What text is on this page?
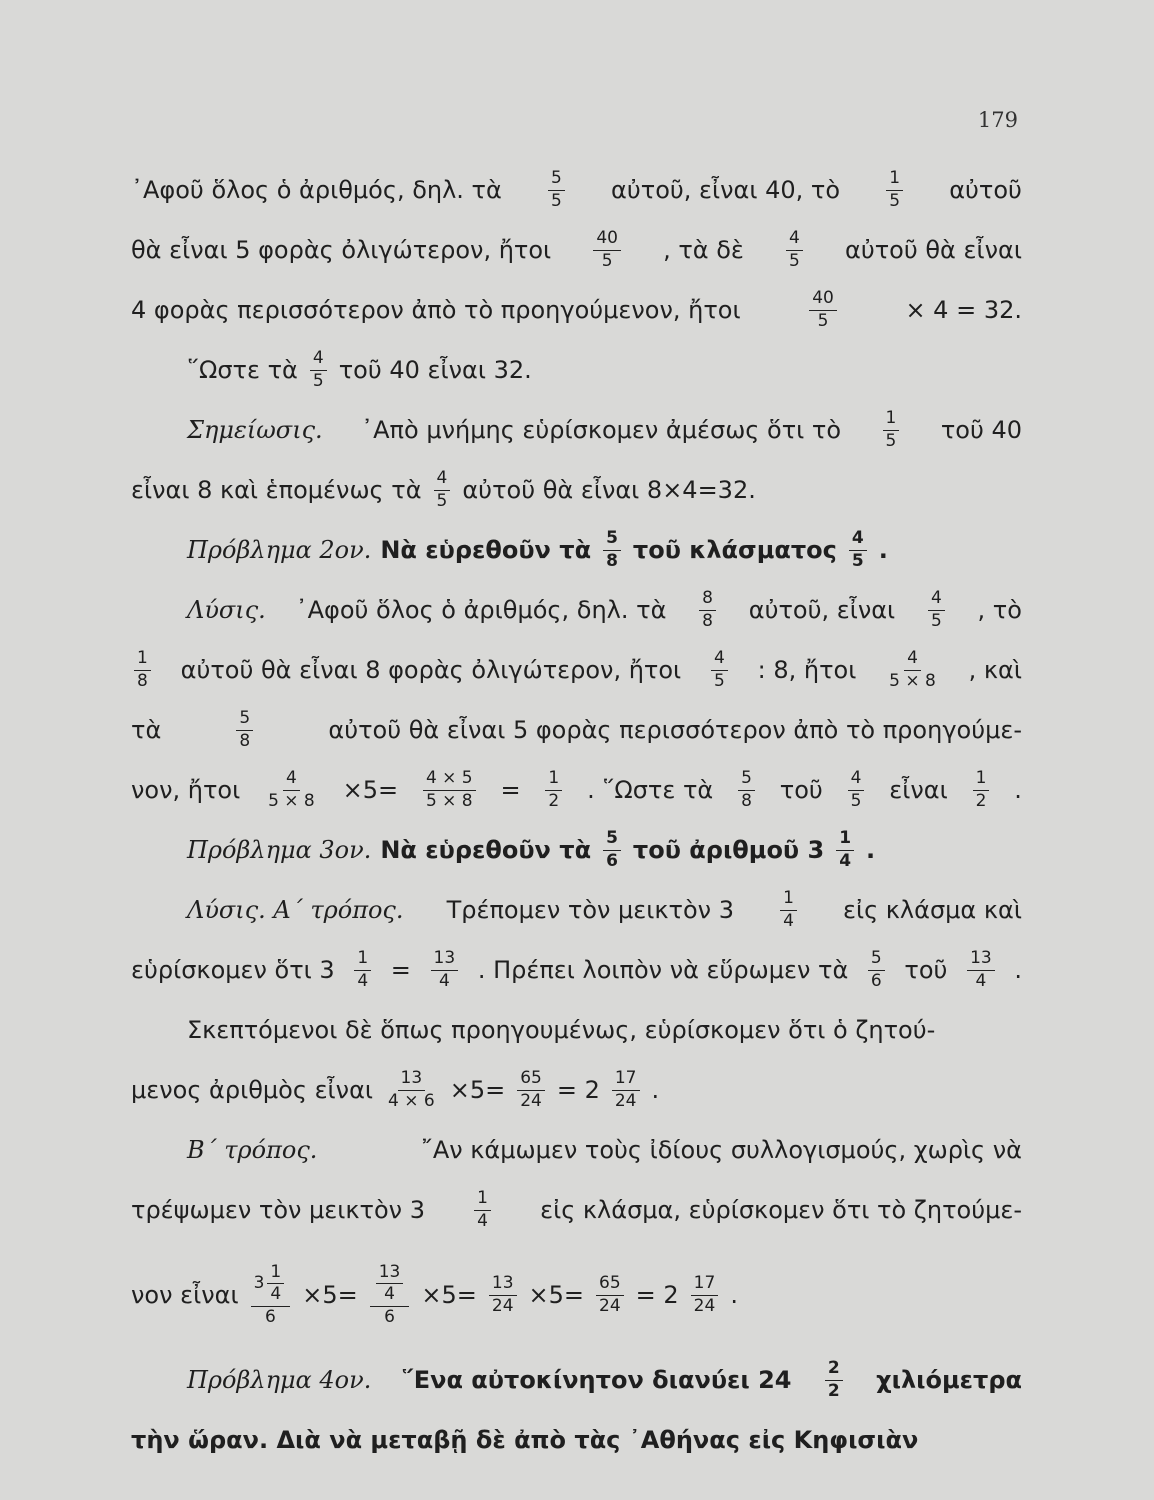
179
᾿Αφοῦ ὅλος ὁ ἀριθμός, δηλ. τὰ	$\frac{5}{5}$ αὐτοῦ, εἶναι 40, τὸ	$\frac{1}{5}$ αὐτοῦ
θὰ εἶναι 5 φορὰς ὀλιγώτερον, ἤτοι $\frac{40}{5}$ , τὰ δὲ $\frac{4}{5}$ αὐτοῦ θὰ εἶναι
4 φορὰς περισσότερον ἀπὸ τὸ προηγούμενον, ἤτοι	$\frac{40}{5}$	× 4 = 32.
῞Ωστε τὰ $\frac{4}{5}$ τοῦ 40 εἶναι 32.
Σημείωσις. ᾿Απὸ μνήμης εὑρίσκομεν ἀμέσως ὅτι τὸ $\frac{1}{5}$ τοῦ 40
εἶναι 8 καὶ ἑπομένως τὰ $\frac{4}{5}$ αὐτοῦ θὰ εἶναι 8×4=32.
Πρόβλημα 2ον. Νὰ εὑρεθοῦν τὰ $\frac{5}{8}$ τοῦ κλάσματος $\frac{4}{5}$ .
Λύσις. ᾿Αφοῦ ὅλος ὁ ἀριθμός, δηλ. τὰ $\frac{8}{8}$ αὐτοῦ, εἶναι $\frac{4}{5}$ , τὸ
$\frac{1}{8}$ αὐτοῦ θὰ εἶναι 8 φορὰς ὀλιγώτερον, ἤτοι $\frac{4}{5}$ : 8, ἤτοι $\frac{4}{5 \times 8}$ , καὶ
τὰ	$\frac{5}{8}$	αὐτοῦ θὰ εἶναι 5 φορὰς περισσότερον ἀπὸ τὸ προηγούμε-
νον, ἤτοι $\frac{4}{5 \times 8} \times 5= \frac{4 \times 5}{5 \times 8} = \frac{1}{2}$ . ῞Ωστε τὰ $\frac{5}{8}$ τοῦ $\frac{4}{5}$ εἶναι $\frac{1}{2}$ .
Πρόβλημα 3ον. Νὰ εὑρεθοῦν τὰ $\frac{5}{6}$ τοῦ ἀριθμοῦ $3 \frac{1}{4}$ .
Λύσις. Α΄ τρόπος. Τρέπομεν τὸν μεικτὸν 3	$\frac{1}{4}$ εἰς κλάσμα καὶ
εὑρίσκομεν ὅτι $3 \frac{1}{4} = \frac{13}{4}$ . Πρέπει λοιπὸν νὰ εὕρωμεν τὰ $\frac{5}{6}$ τοῦ $\frac{13}{4}$ .
Σκεπτόμενοι δὲ ὅπως προηγουμένως, εὑρίσκομεν ὅτι ὁ ζητού-
μενος ἀριθμὸς εἶναι $\frac{13}{4 \times 6} \times 5= \frac{65}{24} = 2 \frac{17}{24}$ .
Β΄ τρόπος.	῎Αν κάμωμεν τοὺς ἰδίους συλλογισμούς, χωρὶς νὰ
τρέψωμεν τὸν μεικτὸν 3	$\frac{1}{4}$ εἰς κλάσμα, εὑρίσκομεν ὅτι τὸ ζητούμε-
νον εἶναι $\frac{3 \frac{1}{4}}{6} \times 5= \frac{\frac{13}{4}}{6} \times 5= \frac{13}{24} \times 5= \frac{65}{24} = 2 \frac{17}{24}$ .
Πρόβλημα 4ον. ῞Ενα αὐτοκίνητον διανύει $24 \frac{2}{2}$ χιλιόμετρα
τὴν ὥραν. Διὰ νὰ μεταβῇ δὲ ἀπὸ τὰς ᾿Αθήνας εἰς Κηφισιὰν
